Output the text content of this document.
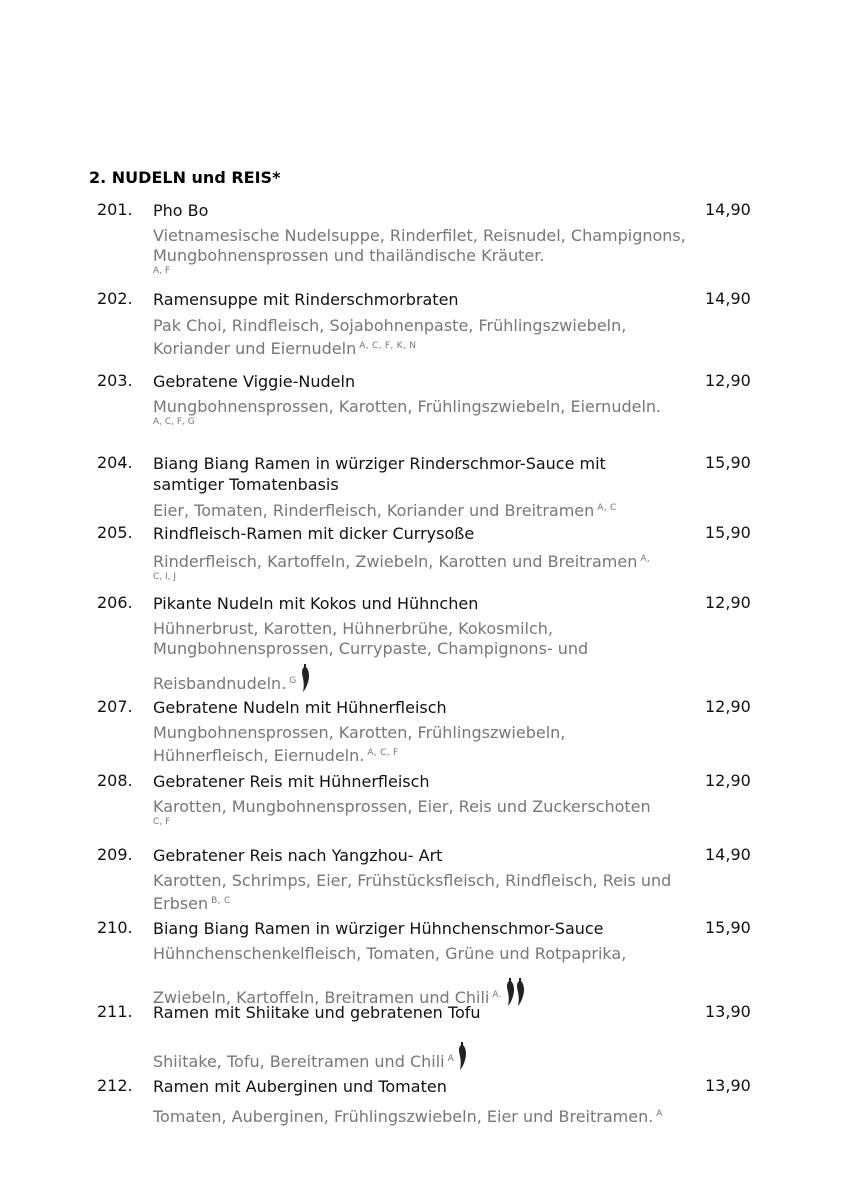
2. NUDELN und REIS*
201. Pho Bo	14,90
Vietnamesische Nudelsuppe, Rinderfilet, Reisnudel, Champignons, Mungbohnensprossen und thailändische Kräuter.
A, F
202. Ramensuppe mit Rinderschmorbraten	14,90
Pak Choi, Rindfleisch, Sojabohnenpaste, Frühlingszwiebeln, Koriander und Eiernudeln $^{A, C, F, K, N}$
203. Gebratene Viggie-Nudeln	12,90
Mungbohnensprossen, Karotten, Frühlingszwiebeln, Eiernudeln.
A, C, F, G
204. Biang Biang Ramen in würziger Rinderschmor-Sauce mit samtiger Tomatenbasis
15,90
Eier, Tomaten, Rinderfleisch, Koriander und Breitramen $^{A, C}$
205. Rindfleisch-Ramen mit dicker Currysoße	15,90
Rinderfleisch, Kartoffeln, Zwiebeln, Karotten und Breitramen $^{A,}$
C, I, J
206. Pikante Nudeln mit Kokos und Hühnchen	12,90
Hühnerbrust, Karotten, Hühnerbrühe, Kokosmilch, Mungbohnensprossen, Currypaste, Champignons- und
Reisbandnudeln. $^G$
207. Gebratene Nudeln mit Hühnerfleisch	12,90
Mungbohnensprossen, Karotten, Frühlingszwiebeln, Hühnerfleisch, Eiernudeln. $^{A, C, F}$
208. Gebratener Reis mit Hühnerfleisch	12,90
Karotten, Mungbohnensprossen, Eier, Reis und Zuckerschoten
C, F
209. Gebratener Reis nach Yangzhou- Art	14,90
Karotten, Schrimps, Eier, Frühstücksfleisch, Rindfleisch, Reis und Erbsen $^{B, C}$
210. Biang Biang Ramen in würziger Hühnchenschmor-Sauce	15,90
Hühnchenschenkelfleisch, Tomaten, Grüne und Rotpaprika,
Zwiebeln, Kartoffeln, Breitramen und Chili $^{A.}$
211. Ramen mit Shiitake und gebratenen Tofu	13,90
Shiitake, Tofu, Bereitramen und Chili $^A$
212. Ramen mit Auberginen und Tomaten	13,90
Tomaten, Auberginen, Frühlingszwiebeln, Eier und Breitramen. $^A$
